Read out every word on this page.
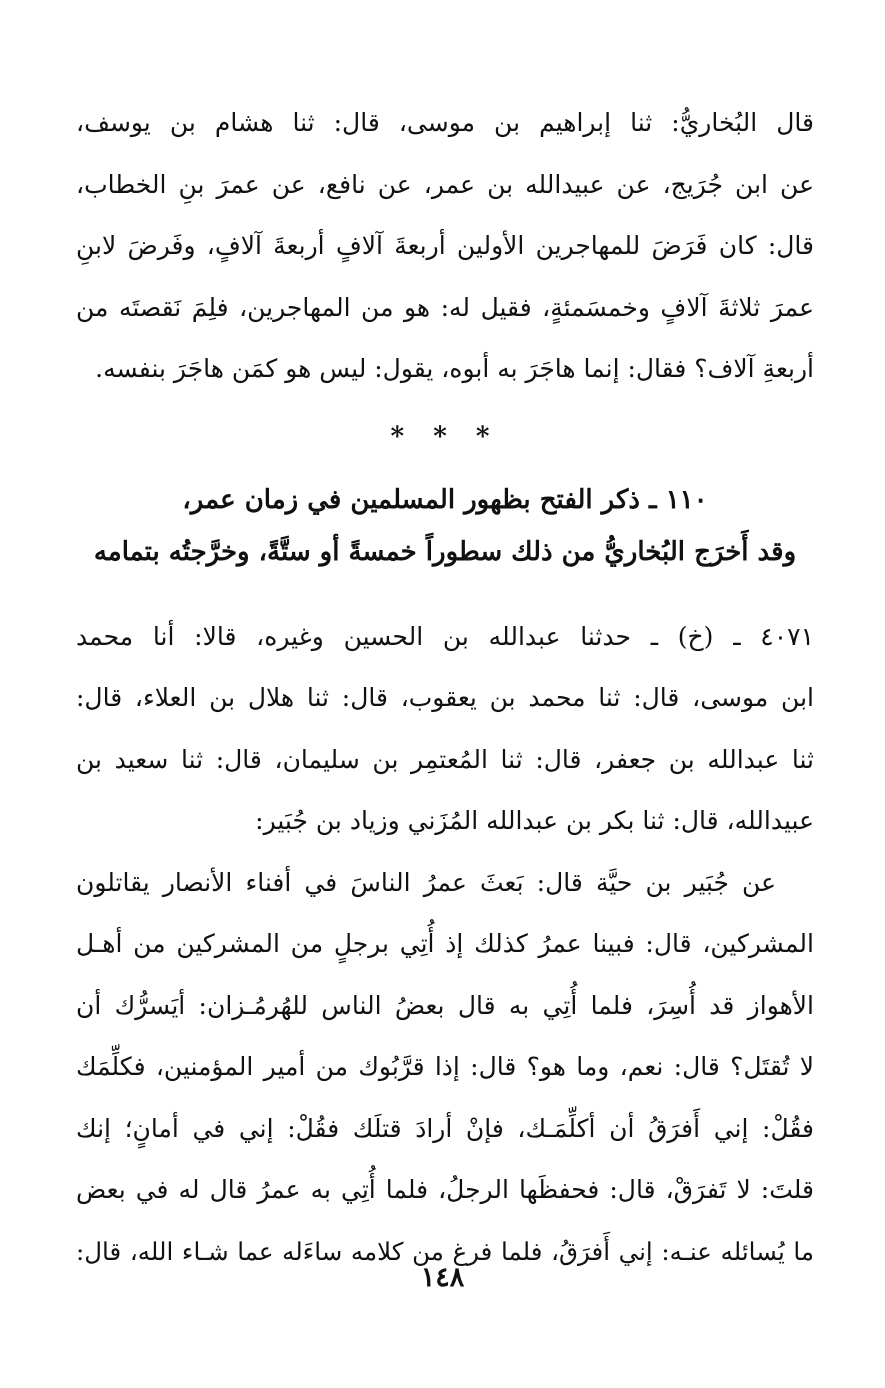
قال البُخاريُّ: ثنا إبراهيم بن موسى، قال: ثنا هشام بن يوسف،
عن ابن جُرَيج، عن عبيدالله بن عمر، عن نافع، عن عمرَ بنِ الخطاب،
قال: كان فَرَضَ للمهاجرين الأولين أربعةَ آلافٍ أربعةَ آلافٍ، وفَرضَ لابنِ
عمرَ ثلاثةَ آلافٍ وخمسَمئةٍ، فقيل له: هو من المهاجرين، فلِمَ نَقصتَه من
أربعةِ آلاف؟ فقال: إنما هاجَرَ به أبوه، يقول: ليس هو كمَن هاجَرَ بنفسه.
* * *
١١٠ ـ ذكر الفتح بظهور المسلمين في زمان عمر،
وقد أَخرَج البُخاريُّ من ذلك سطوراً خمسةً أو ستَّةً، وخرَّجتُه بتمامه
٤٠٧١ ـ (خ) ـ حدثنا عبدالله بن الحسين وغيره، قالا: أنا محمد
ابن موسى، قال: ثنا محمد بن يعقوب، قال: ثنا هلال بن العلاء، قال:
ثنا عبدالله بن جعفر، قال: ثنا المُعتمِر بن سليمان، قال: ثنا سعيد بن
عبيدالله، قال: ثنا بكر بن عبدالله المُزَني وزياد بن جُبَير:
عن جُبَير بن حيَّة قال: بَعثَ عمرُ الناسَ في أفناء الأنصار يقاتلون
المشركين، قال: فبينا عمرُ كذلك إذ أُتِي برجلٍ من المشركين من أهـل
الأهواز قد أُسِرَ، فلما أُتِي به قال بعضُ الناس للهُرمُـزان: أيَسرُّك أن
لا تُقتَل؟ قال: نعم، وما هو؟ قال: إذا قرَّبُوك من أمير المؤمنين، فكلِّمَك
فقُلْ: إني أَفرَقُ أن أكلِّمَـك، فإنْ أرادَ قتلَك فقُلْ: إني في أمانٍ؛ إنك
قلتَ: لا تَفرَقْ، قال: فحفظَها الرجلُ، فلما أُتِي به عمرُ قال له في بعض
ما يُسائله عنـه: إني أَفرَقُ، فلما فرغ من كلامه ساءَله عما شـاء الله، قال:
١٤٨
